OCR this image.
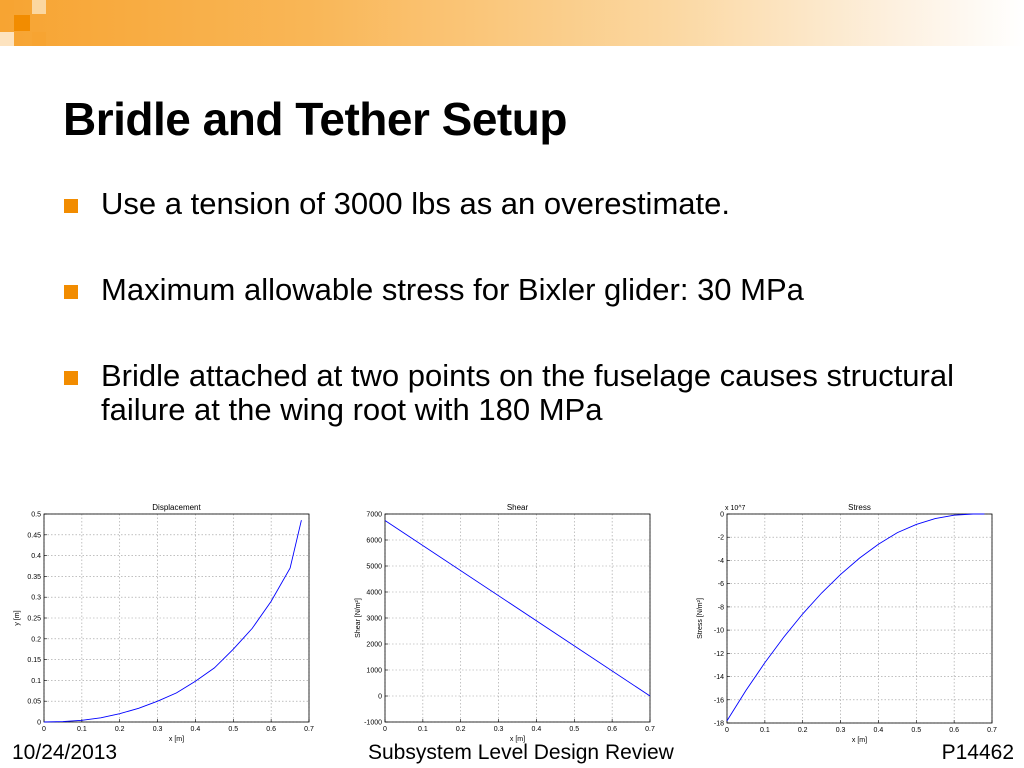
Bridle and Tether Setup
Use a tension of 3000 lbs as an overestimate.
Maximum allowable stress for Bixler glider: 30 MPa
Bridle attached at two points on the fuselage causes structural failure at the wing root with 180 MPa
0	0.1	0.2	0.3	0.4	0.5	0.6	0.7
0
0.05
0.1
0.15
0.2
0.25
0.3
0.35
0.4
0.45
0.5
Displacement
x [m]
y [m]
0	0.1	0.2	0.3	0.4	0.5	0.6	0.7
-1000
0
1000
2000
3000
4000
5000
6000
7000
Shear
x [m]
Shear [N/m²]
0	0.1	0.2	0.3	0.4	0.5	0.6	0.7
-18
-16
-14
-12
-10
-8
-6
-4
-2
0
Stress
x [m]
Stress [N/m²]
x 10^7
10/24/2013	Subsystem Level Design Review	P14462
